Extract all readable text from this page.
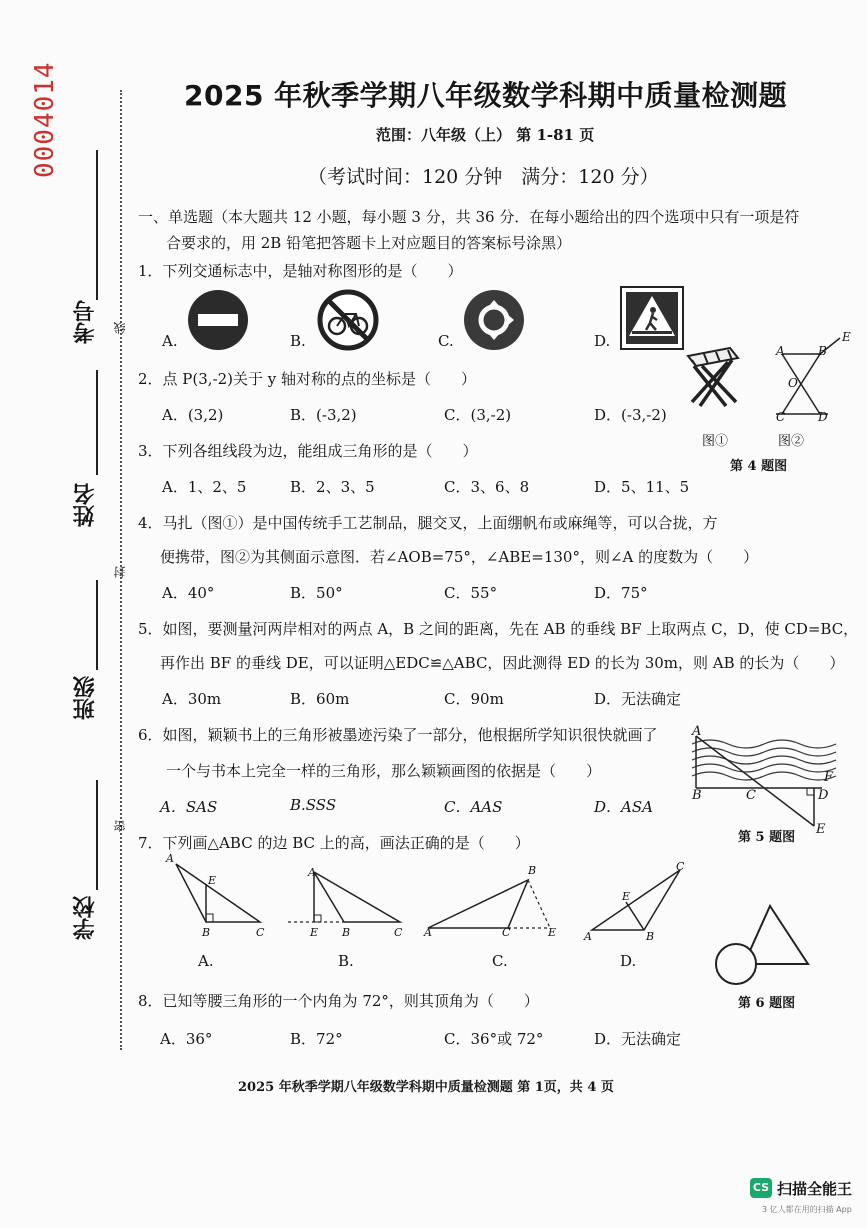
0004014
考号 线
姓名
封
班级
密
学校
2025 年秋季学期八年级数学科期中质量检测题
范围：八年级（上） 第 1-81 页
（考试时间：120 分钟　满分：120 分）
一、单选题（本大题共 12 小题，每小题 3 分，共 36 分．在每小题给出的四个选项中只有一项是符
合要求的，用 2B 铅笔把答题卡上对应题目的答案标号涂黑）
1．下列交通标志中，是轴对称图形的是（　　）
A.	B.	C.	D.
2．点 P(3,-2)关于 y 轴对称的点的坐标是（　　）
A．(3,2)	B．(-3,2)	C．(3,-2)	D．(-3,-2)
3．下列各组线段为边，能组成三角形的是（　　）
A．1、2、5	B．2、3、5	C．3、6、8	D．5、11、5
A	B
E
O
C	D
图①	图②
第 4 题图
4．马扎（图①）是中国传统手工艺制品，腿交叉，上面绷帆布或麻绳等，可以合拢，方
便携带，图②为其侧面示意图．若∠AOB=75°，∠ABE=130°，则∠A 的度数为（　　）
A．40°	B．50°	C．55°	D．75°
5．如图，要测量河两岸相对的两点 A，B 之间的距离，先在 AB 的垂线 BF 上取两点 C，D，使 CD=BC，
再作出 BF 的垂线 DE，可以证明△EDC≌△ABC，因此测得 ED 的长为 30m，则 AB 的长为（　　）
A．30m	B．60m	C．90m	D．无法确定
A
B	C	D
F
E
第 5 题图
6．如图，颖颖书上的三角形被墨迹污染了一部分，他根据所学知识很快就画了
一个与书本上完全一样的三角形，那么颖颖画图的依据是（　　）
A．SAS	B.SSS	C．AAS	D．ASA
7．下列画△ABC 的边 BC 上的高，画法正确的是（　　）
A
E
B	C
A
E B	C A
B
C	E	A	B
C
E
A.	B.	C.	D.
第 6 题图
8．已知等腰三角形的一个内角为 72°，则其顶角为（　　）
A．36°	B．72°	C．36°或 72°	D．无法确定
2025 年秋季学期八年级数学科期中质量检测题 第 1页，共 4 页
CS 扫描全能王
3 亿人都在用的扫描 App
